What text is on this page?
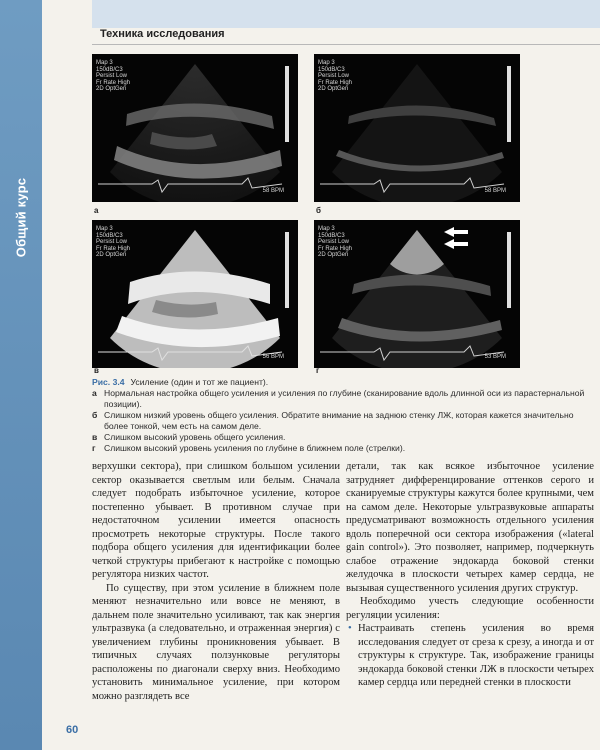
Общий курс
Техника исследования
Map 3
150dB/C3
Persist Low
Fr Rate High
2D OptGen
58 BPM
а
Map 3
150dB/C3
Persist Low
Fr Rate High
2D OptGen
58 BPM
б
Map 3
150dB/C3
Persist Low
Fr Rate High
2D OptGen
56 BPM
в
Map 3
150dB/C3
Persist Low
Fr Rate High
2D OptGen
53 BPM
г
Рис. 3.4 Усиление (один и тот же пациент).
а Нормальная настройка общего усиления и усиления по глубине (сканирование вдоль длинной оси из парастернальной позиции).
б Слишком низкий уровень общего усиления. Обратите внимание на заднюю стенку ЛЖ, которая кажется значительно более тонкой, чем есть на самом деле.
в Слишком высокий уровень общего усиления.
г Слишком высокий уровень усиления по глубине в ближнем поле (стрелки).

верхушки сектора), при слишком большом усилении сектор оказывается светлым или белым. Сначала следует подобрать избыточное усиление, которое постепенно убывает. В противном случае при недостаточном усилении имеется опасность просмотреть некоторые структуры. После такого подбора общего усиления для идентификации более четкой структуры прибегают к настройке с помощью регулятора низких частот.

По существу, при этом усиление в ближнем поле меняют незначительно или вовсе не меняют, в дальнем поле значительно усиливают, так как энергия ультразвука (а следовательно, и отраженная энергия) с увеличением глубины проникновения убывает. В типичных случаях ползунковые регуляторы расположены по диагонали сверху вниз. Необходимо установить минимальное усиление, при котором можно разглядеть все

детали, так как всякое избыточное усиление затрудняет дифференцирование оттенков серого и сканируемые структуры кажутся более крупными, чем на самом деле. Некоторые ультразвуковые аппараты предусматривают возможность отдельного усиления вдоль поперечной оси сектора изображения («lateral gain control»). Это позволяет, например, подчеркнуть слабое отражение эндокарда боковой стенки желудочка в плоскости четырех камер сердца, не вызывая существенного усиления других структур.

Необходимо учесть следующие особенности регуляции усиления:

• Настраивать степень усиления во время исследования следует от среза к срезу, а иногда и от структуры к структуре. Так, изображение границы эндокарда боковой стенки ЛЖ в плоскости четырех камер сердца или передней стенки в плоскости
60
